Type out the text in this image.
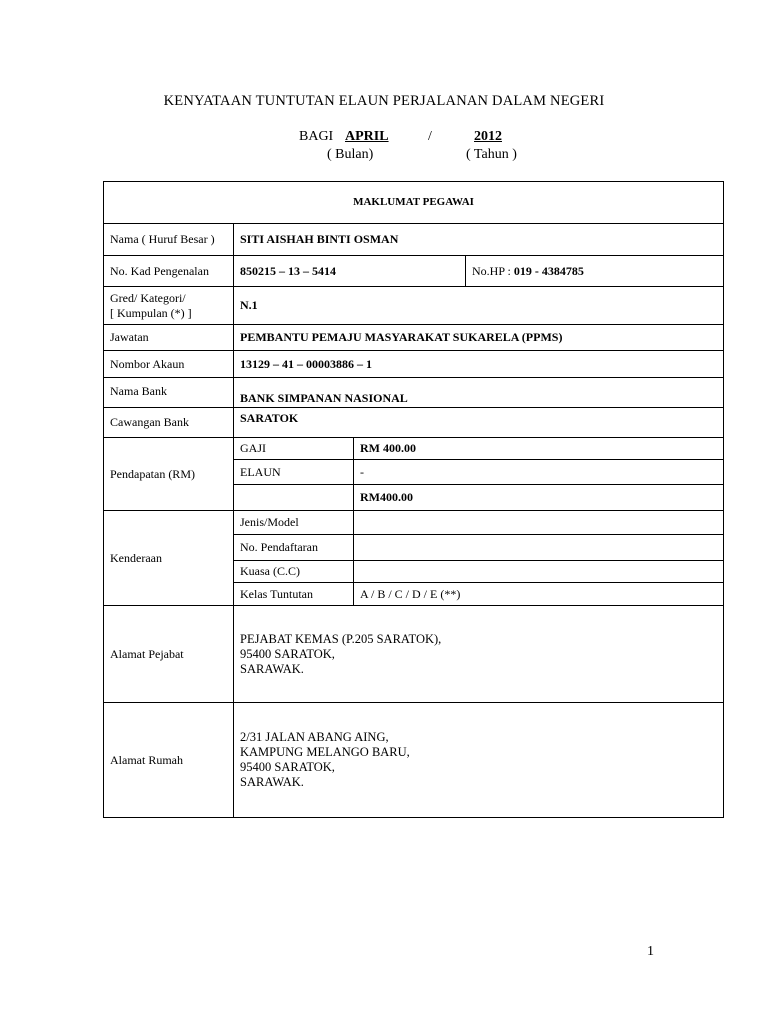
KENYATAAN TUNTUTAN ELAUN PERJALANAN DALAM NEGERI
BAGI APRIL	/	2012
( Bulan)	( Tahun )
MAKLUMAT PEGAWAI			
Nama ( Huruf Besar )	SITI AISHAH BINTI OSMAN		
No. Kad Pengenalan	850215 – 13 – 5414		No.HP : 019 - 4384785
Gred/ Kategori/
[ Kumpulan (*) ]	N.1		
Jawatan	PEMBANTU PEMAJU MASYARAKAT SUKARELA (PPMS)		
Nombor Akaun	13129 – 41 – 00003886 – 1		
Nama Bank	BANK SIMPANAN NASIONAL		
Cawangan Bank	SARATOK		
Pendapatan (RM)	GAJI	RM 400.00	
	ELAUN	-	
		RM400.00	
Kenderaan	Jenis/Model		
	No. Pendaftaran		
	Kuasa (C.C)		
	Kelas Tuntutan	A / B / C / D / E (**)	
Alamat Pejabat	PEJABAT KEMAS (P.205 SARATOK),
95400 SARATOK,
SARAWAK.		

Alamat Rumah	2/31 JALAN ABANG AING,
KAMPUNG MELANGO BARU,
95400 SARATOK,
SARAWAK.		
1
